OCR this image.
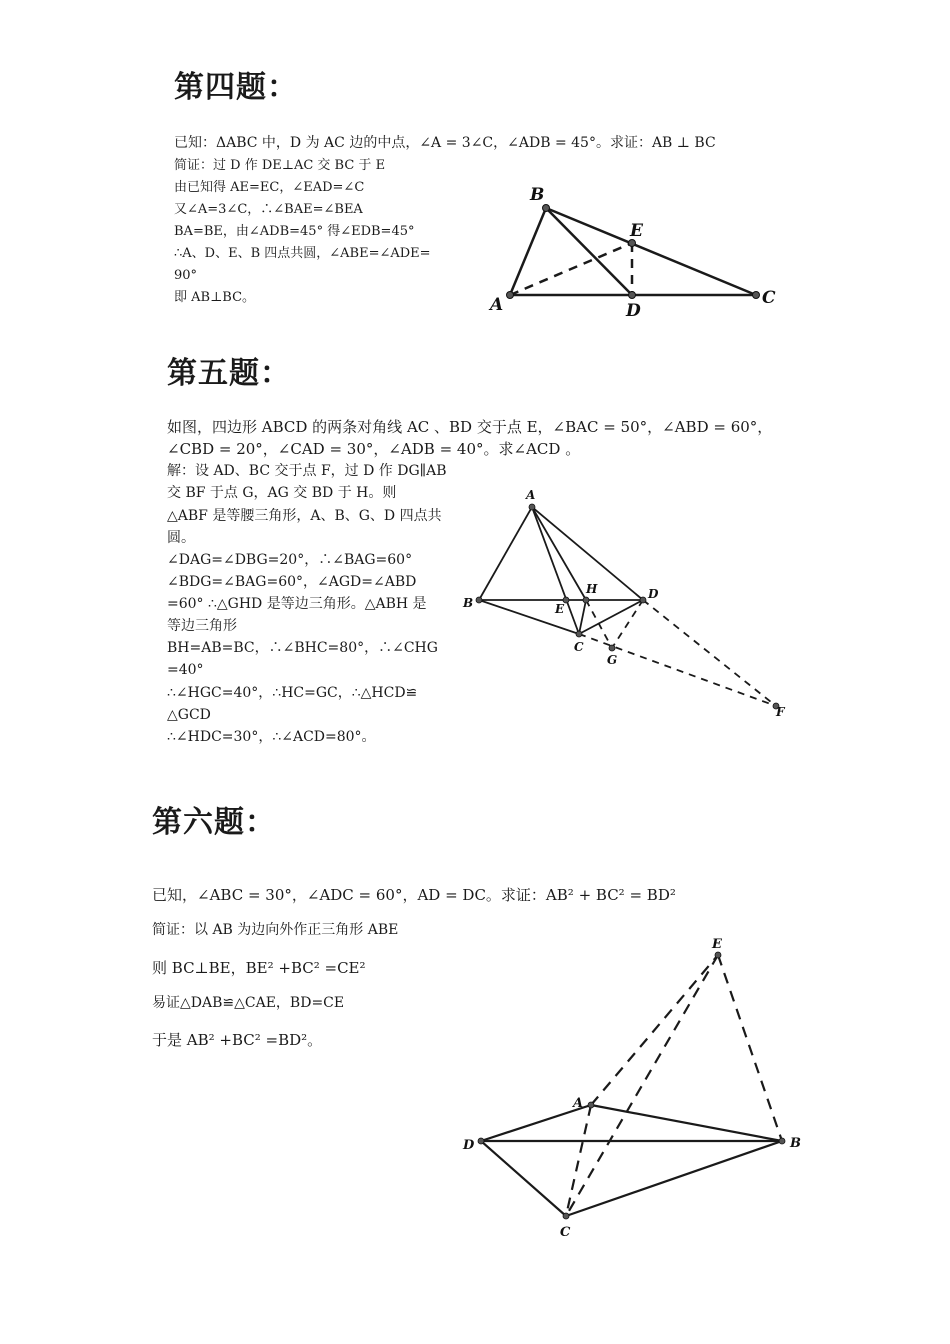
第四题：

已知：ΔABC 中，D 为 AC 边的中点，∠A = 3∠C，∠ADB = 45°。求证：AB ⊥ BC

简证：过 D 作 DE⊥AC 交 BC 于 E

由已知得 AE=EC，∠EAD=∠C

又∠A=3∠C，∴∠BAE=∠BEA

BA=BE，由∠ADB=45° 得∠EDB=45°

∴A、D、E、B 四点共圆，∠ABE=∠ADE=

90°

即 AB⊥BC。	A
B
C
D
E
第五题：

如图，四边形 ABCD 的两条对角线 AC 、BD 交于点 E，∠BAC = 50°，∠ABD = 60°，

∠CBD = 20°，∠CAD = 30°，∠ADB = 40°。求∠ACD 。

解：设 AD、BC 交于点 F，过 D 作 DG∥AB

交 BF 于点 G，AG 交 BD 于 H。则

△ABF 是等腰三角形，A、B、G、D 四点共

圆。

∠DAG=∠DBG=20°，∴∠BAG=60°

∠BDG=∠BAG=60°，∠AGD=∠ABD

=60° ∴△GHD 是等边三角形。△ABH 是

等边三角形

BH=AB=BC，∴∠BHC=80°，∴∠CHG

=40°

∴∠HGC=40°，∴HC=GC，∴△HCD≌

△GCD

∴∠HDC=30°，∴∠ACD=80°。

A
B
C
D
E
F
G
H
第六题：

已知，∠ABC = 30°，∠ADC = 60°，AD = DC。求证：AB² + BC² = BD²

简证：以 AB 为边向外作正三角形 ABE

则 BC⊥BE，BE² +BC² =CE²

易证△DAB≌△CAE，BD=CE

于是 AB² +BC² =BD²。

A
B
C
D
E
